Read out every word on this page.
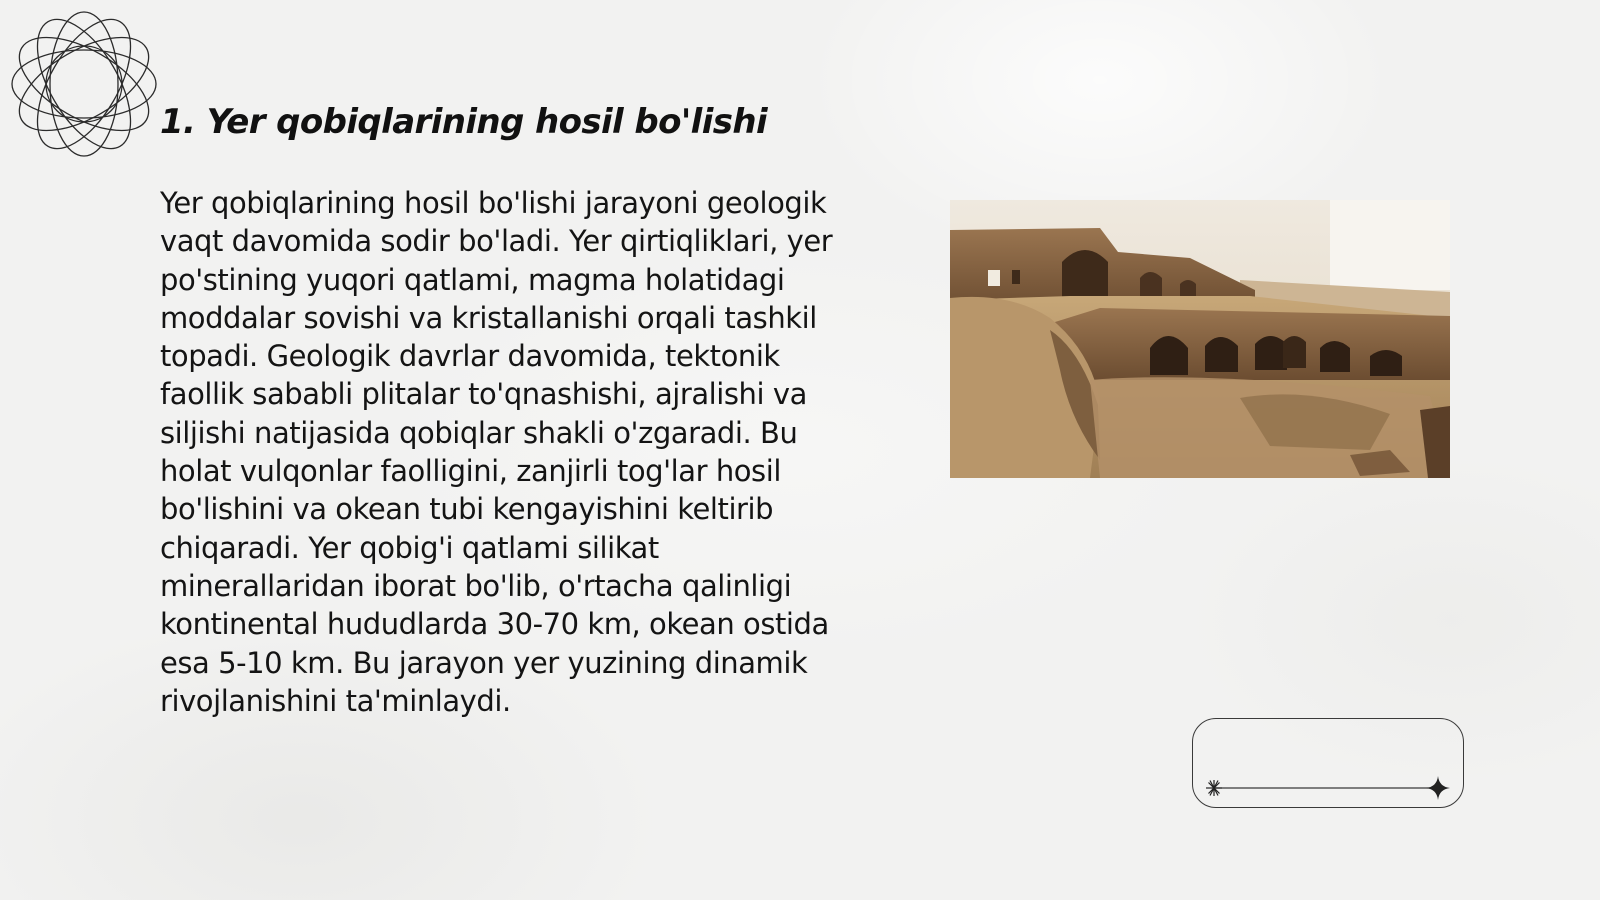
1. Yer qobiqlarining hosil bo'lishi

Yer qobiqlarining hosil bo'lishi jarayoni geologik vaqt davomida sodir bo'ladi. Yer qirtiqliklari, yer po'stining yuqori qatlami, magma holatidagi moddalar sovishi va kristallanishi orqali tashkil topadi. Geologik davrlar davomida, tektonik faollik sababli plitalar to'qnashishi, ajralishi va siljishi natijasida qobiqlar shakli o'zgaradi. Bu holat vulqonlar faolligini, zanjirli tog'lar hosil bo'lishini va okean tubi kengayishini keltirib chiqaradi. Yer qobig'i qatlami silikat minerallaridan iborat bo'lib, o'rtacha qalinligi kontinental hududlarda 30-70 km, okean ostida esa 5-10 km. Bu jarayon yer yuzining dinamik rivojlanishini ta'minlaydi.
